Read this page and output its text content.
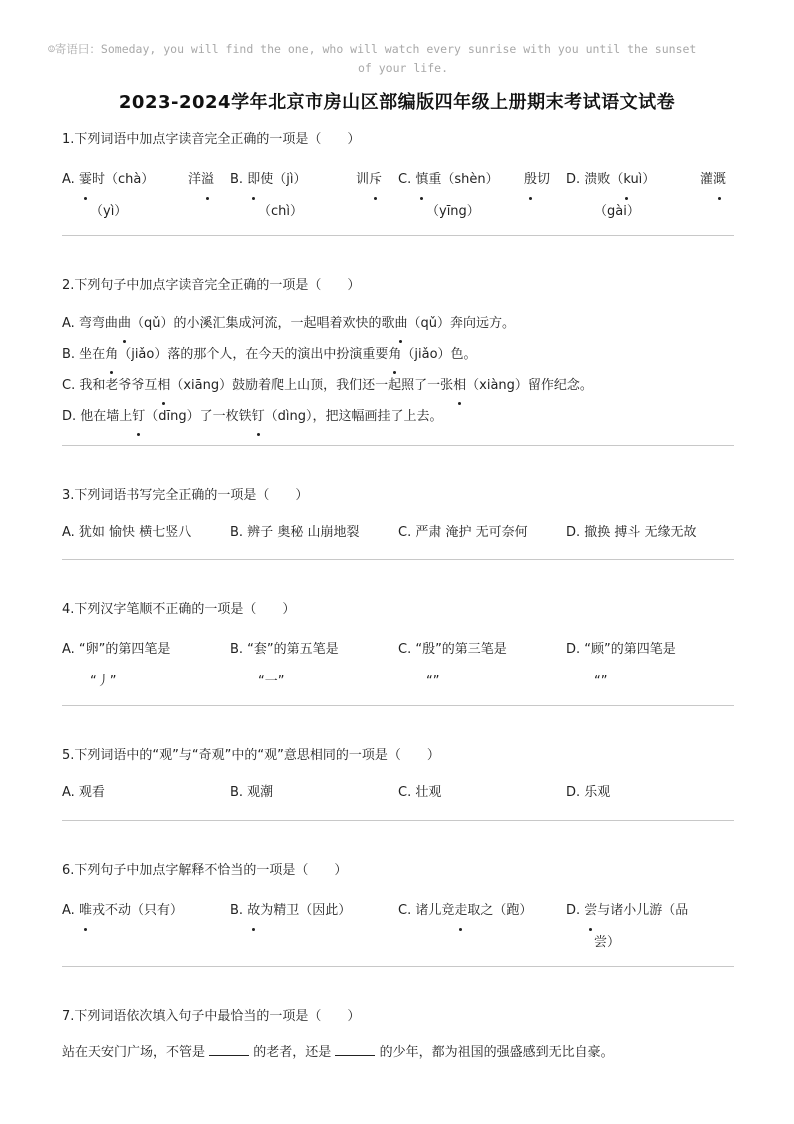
☺寄语曰：Someday, you will find the one, who will watch every sunrise with you until the sunset
of your life.
2023-2024学年北京市房山区部编版四年级上册期末考试语文试卷
1.下列词语中加点字读音完全正确的一项是（　　）
A. 霎时（chà）	洋溢
（yì）
B. 即使（jì）	训斥
（chì）
C. 慎重（shèn） 殷切
（yīng）
D. 溃败（kuì）	灌溉
（gài）
2.下列句子中加点字读音完全正确的一项是（　　）
A. 弯弯曲曲（qǔ）的小溪汇集成河流，一起唱着欢快的歌曲（qǔ）奔向远方。
B. 坐在角（jiǎo）落的那个人，在今天的演出中扮演重要角（jiǎo）色。
C. 我和老爷爷互相（xiāng）鼓励着爬上山顶，我们还一起照了一张相（xiàng）留作纪念。
D. 他在墙上钉（dīng）了一枚铁钉（dìng），把这幅画挂了上去。
3.下列词语书写完全正确的一项是（　　）
A. 犹如 愉快 横七竖八	B. 辨子 奥秘 山崩地裂	C. 严肃 淹护 无可奈何	D. 撤换 搏斗 无缘无故
4.下列汉字笔顺不正确的一项是（　　）
A. “卵”的第四笔是
“丿”
B. “套”的第五笔是
“一”
C. “殷”的第三笔是
“”
D. “顾”的第四笔是
“”
5.下列词语中的“观”与“奇观”中的“观”意思相同的一项是（　　）
A. 观看	B. 观潮	C. 壮观	D. 乐观
6.下列句子中加点字解释不恰当的一项是（　　）
A. 唯戎不动（只有）	B. 故为精卫（因此）	C. 诸儿竞走取之（跑）	D. 尝与诸小儿游（品
尝）
7.下列词语依次填入句子中最恰当的一项是（　　）
站在天安门广场，不管是	的老者，还是	的少年，都为祖国的强盛感到无比自豪。
